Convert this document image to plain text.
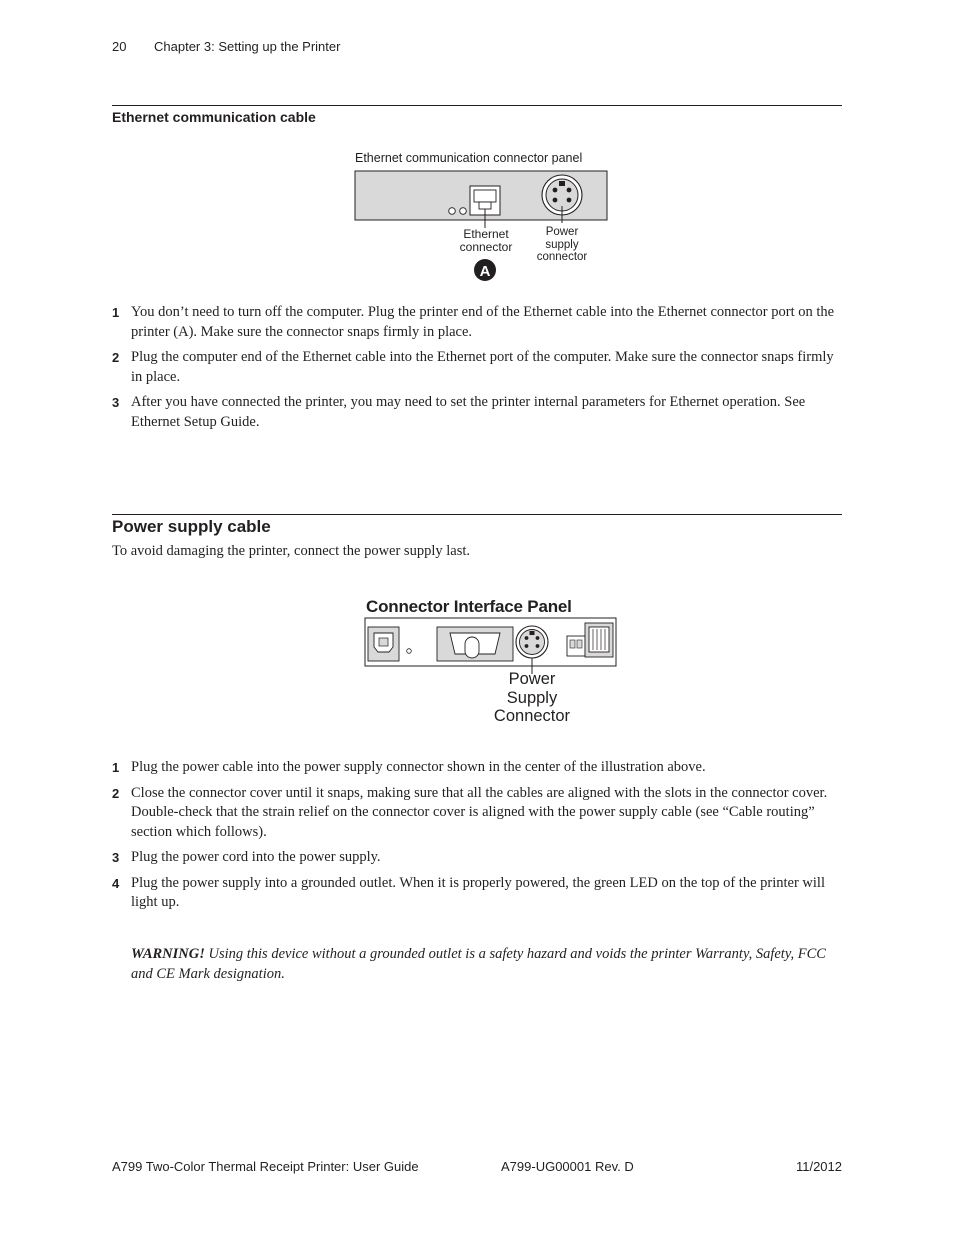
20 Chapter 3: Setting up the Printer
Ethernet communication cable
Ethernet communication connector panel
A
Ethernet
connector
Power
supply
connector
1 You don’t need to turn off the computer. Plug the printer end of the Ethernet cable into the Ethernet connector port on the printer (A). Make sure the connector snaps firmly in place.
2 Plug the computer end of the Ethernet cable into the Ethernet port of the computer. Make sure the connector snaps firmly in place.
3 After you have connected the printer, you may need to set the printer internal parameters for Ethernet operation. See Ethernet Setup Guide.
Power supply cable
To avoid damaging the printer, connect the power supply last.
Connector Interface Panel
Power
Supply
Connector
1 Plug the power cable into the power supply connector shown in the center of the illustration above.
2 Close the connector cover until it snaps, making sure that all the cables are aligned with the slots in the connector cover. Double-check that the strain relief on the connector cover is aligned with the power supply cable (see “Cable routing” section which follows).
3 Plug the power cord into the power supply.
4 Plug the power supply into a grounded outlet. When it is properly powered, the green LED on the top of the printer will light up.
WARNING! Using this device without a grounded outlet is a safety hazard and voids the printer Warranty, Safety, FCC and CE Mark designation.
A799 Two-Color Thermal Receipt Printer: User Guide	A799-UG00001 Rev. D	11/2012
